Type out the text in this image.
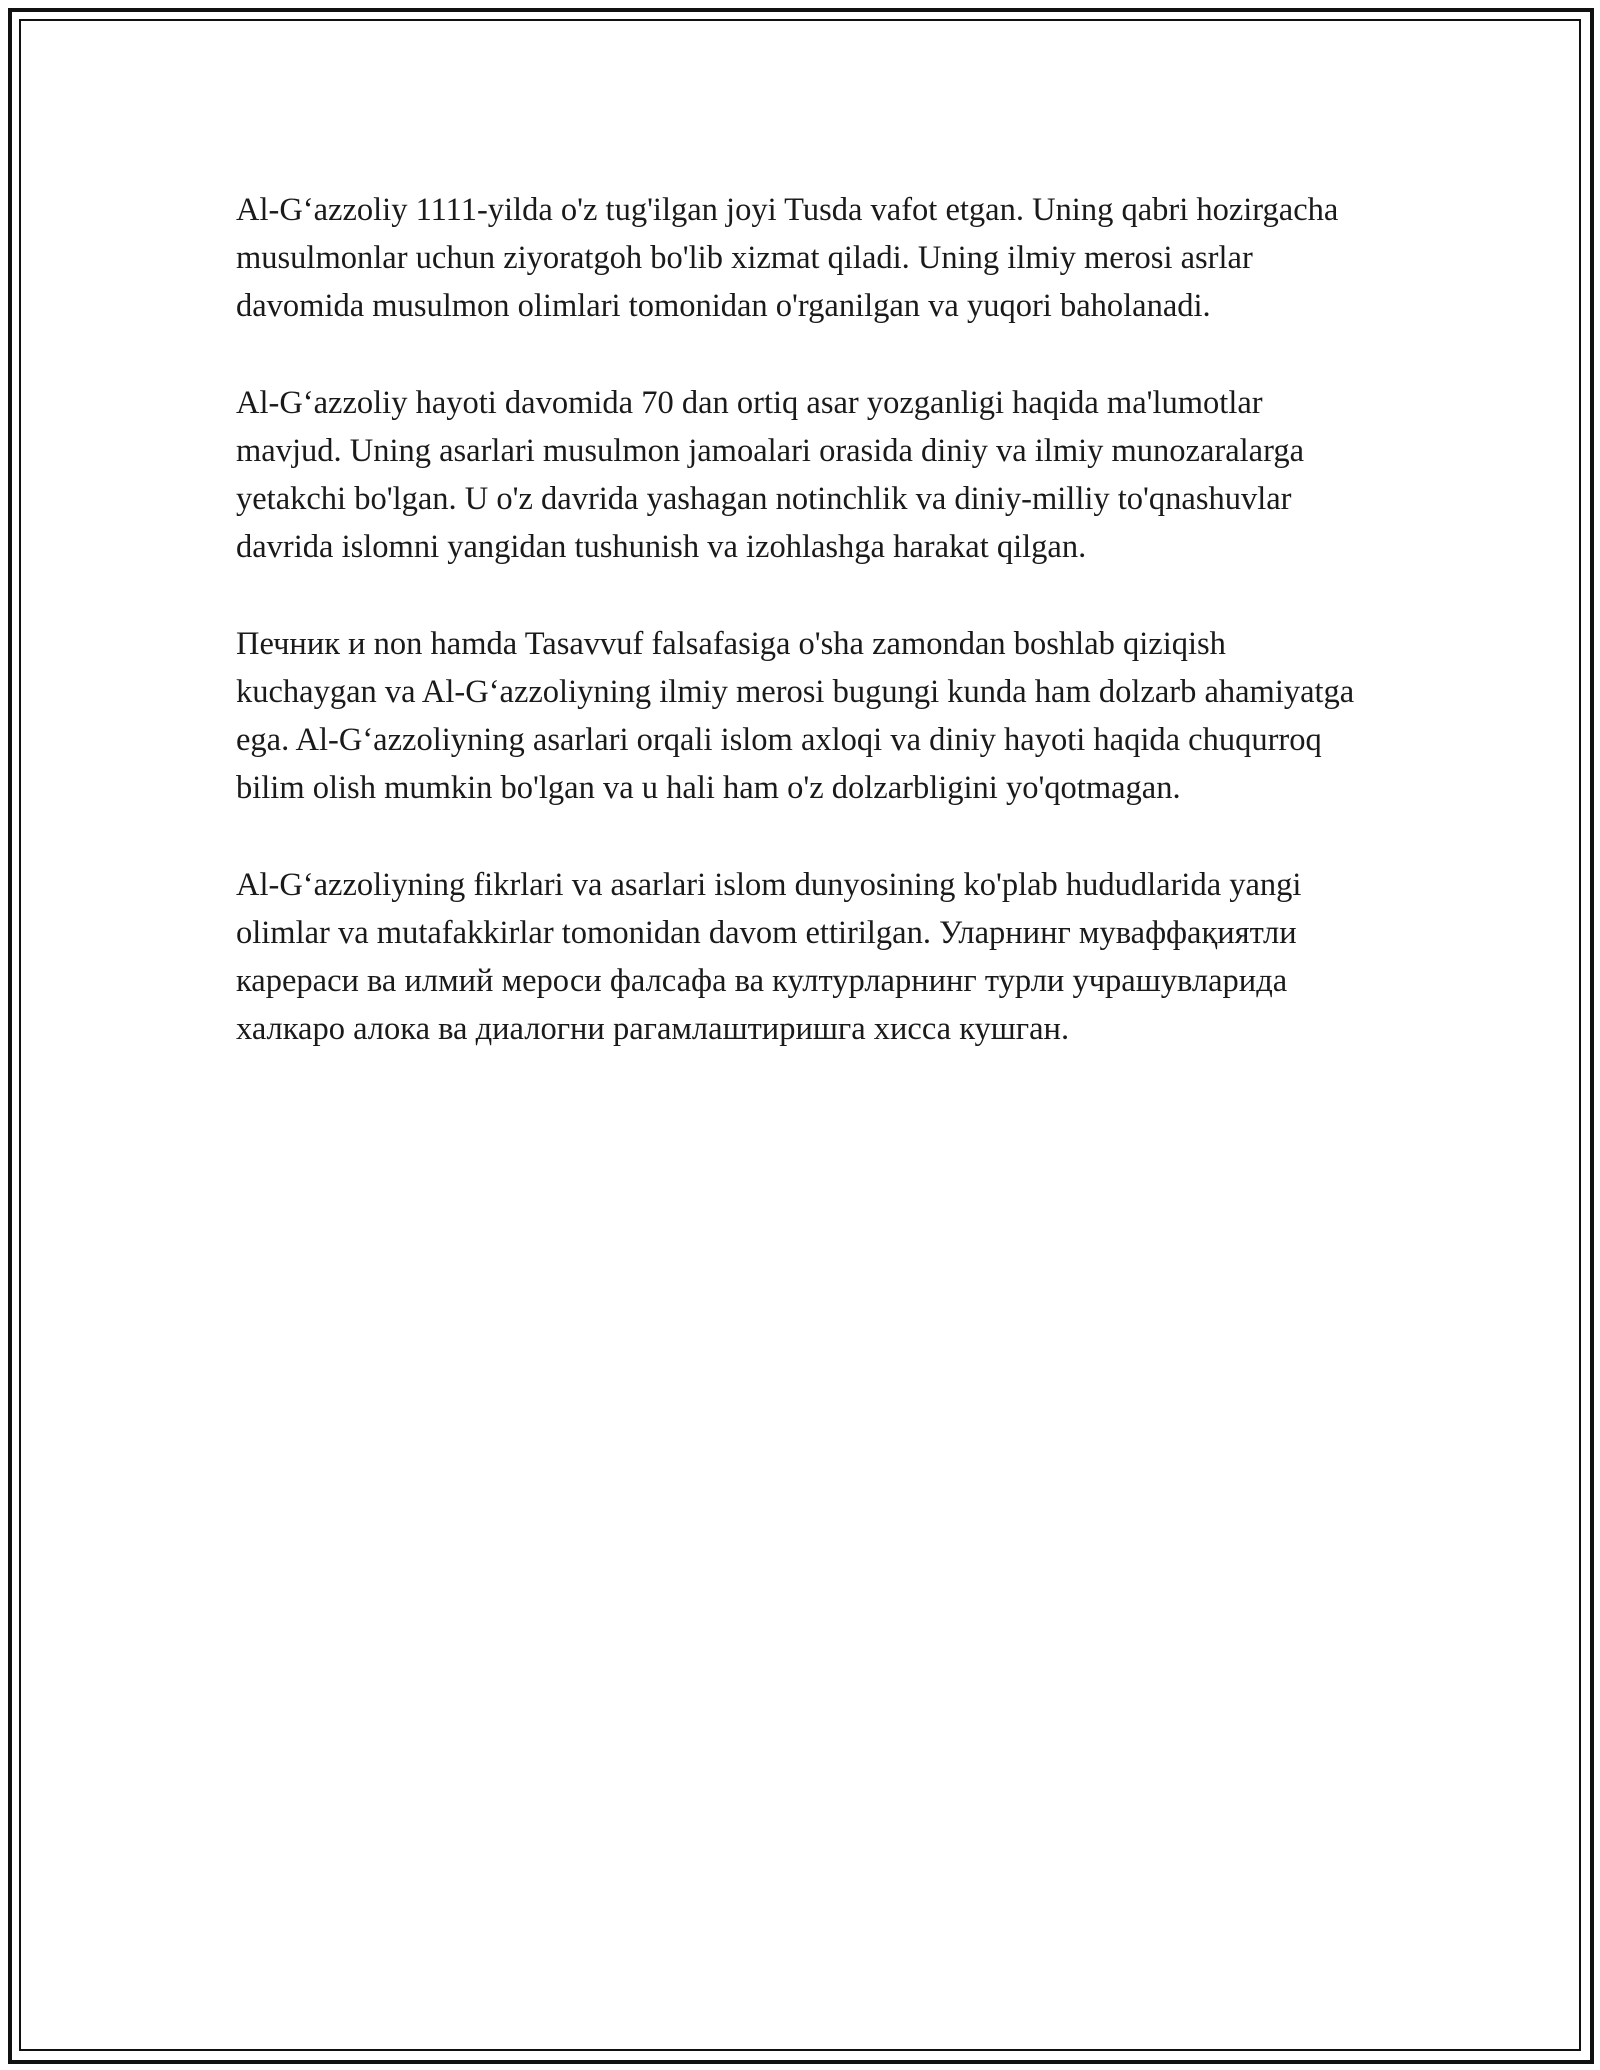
Al-G‘azzoliy 1111-yilda o'z tug'ilgan joyi Tusda vafot etgan. Uning qabri hozirgacha musulmonlar uchun ziyoratgoh bo'lib xizmat qiladi. Uning ilmiy merosi asrlar davomida musulmon olimlari tomonidan o'rganilgan va yuqori baholanadi.

Al-G‘azzoliy hayoti davomida 70 dan ortiq asar yozganligi haqida ma'lumotlar mavjud. Uning asarlari musulmon jamoalari orasida diniy va ilmiy munozaralarga yetakchi bo'lgan. U o'z davrida yashagan notinchlik va diniy-milliy to'qnashuvlar davrida islomni yangidan tushunish va izohlashga harakat qilgan.

Печник и non hamda Tasavvuf falsafasiga o'sha zamondan boshlab qiziqish kuchaygan va Al-G‘azzoliyning ilmiy merosi bugungi kunda ham dolzarb ahamiyatga ega. Al-G‘azzoliyning asarlari orqali islom axloqi va diniy hayoti haqida chuqurroq bilim olish mumkin bo'lgan va u hali ham o'z dolzarbligini yo'qotmagan.

Al-G‘azzoliyning fikrlari va asarlari islom dunyosining ko'plab hududlarida yangi olimlar va mutafakkirlar tomonidan davom ettirilgan. Уларнинг муваффақиятли карераси ва илмий мероси фалсафа ва културларнинг турли учрашувларида халкаро алока ва диалогни рагамлаштиришга хисса кушган.
